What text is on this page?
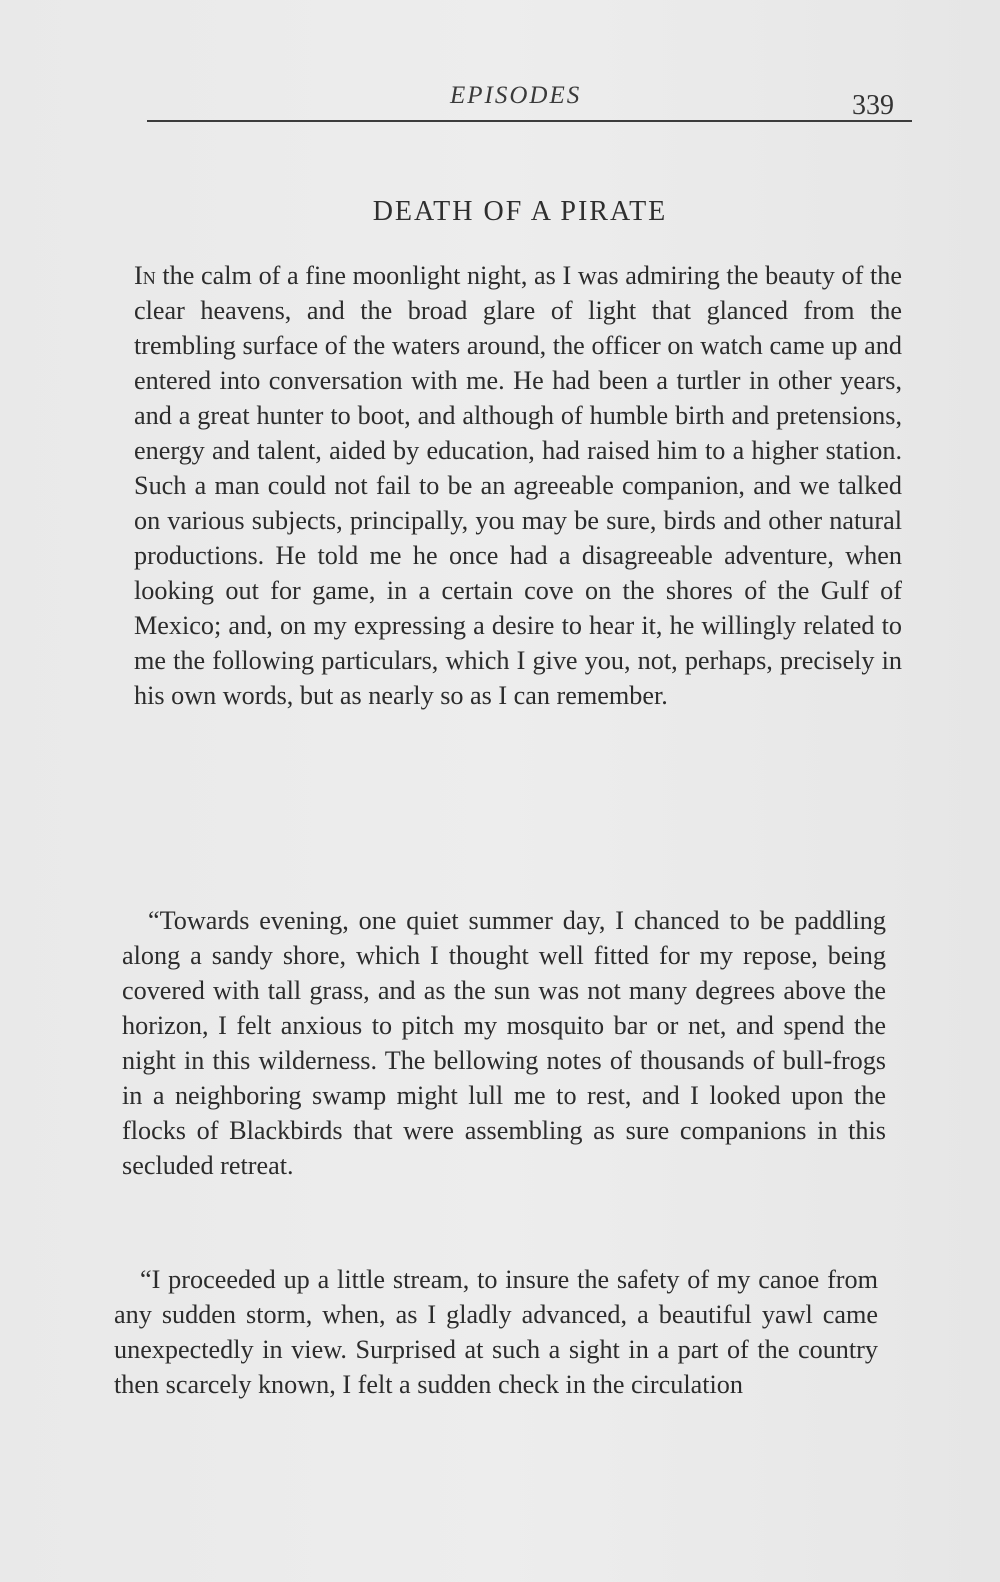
EPISODES	339
DEATH OF A PIRATE

In the calm of a fine moonlight night, as I was admiring the beauty of the clear heavens, and the broad glare of light that glanced from the trembling surface of the waters around, the officer on watch came up and entered into conversation with me. He had been a turtler in other years, and a great hunter to boot, and although of humble birth and pretensions, energy and talent, aided by education, had raised him to a higher station. Such a man could not fail to be an agreeable companion, and we talked on various subjects, principally, you may be sure, birds and other natural productions. He told me he once had a disagreeable adventure, when looking out for game, in a certain cove on the shores of the Gulf of Mexico; and, on my expressing a desire to hear it, he willingly related to me the following particulars, which I give you, not, perhaps, precisely in his own words, but as nearly so as I can remember.

“Towards evening, one quiet summer day, I chanced to be paddling along a sandy shore, which I thought well fitted for my repose, being covered with tall grass, and as the sun was not many degrees above the horizon, I felt anxious to pitch my mosquito bar or net, and spend the night in this wilderness. The bellowing notes of thousands of bull-frogs in a neighboring swamp might lull me to rest, and I looked upon the flocks of Blackbirds that were assembling as sure companions in this secluded retreat.

“I proceeded up a little stream, to insure the safety of my canoe from any sudden storm, when, as I gladly advanced, a beautiful yawl came unexpectedly in view. Surprised at such a sight in a part of the country then scarcely known, I felt a sudden check in the circulation
